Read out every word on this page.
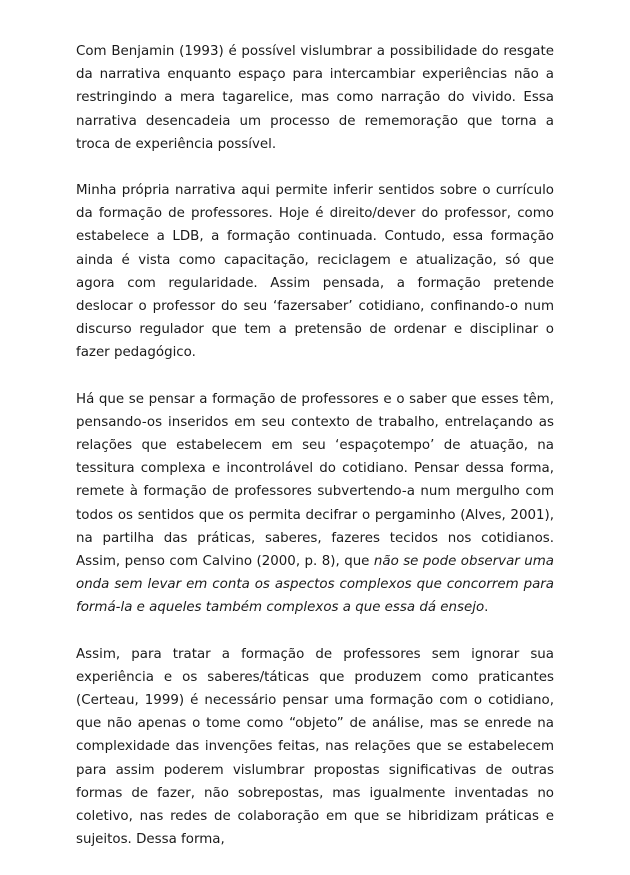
Com Benjamin (1993) é possível vislumbrar a possibilidade do resgate da narrativa enquanto espaço para intercambiar experiências não a restringindo a mera tagarelice, mas como narração do vivido. Essa narrativa desencadeia um processo de rememoração que torna a troca de experiência possível.

Minha própria narrativa aqui permite inferir sentidos sobre o currículo da formação de professores. Hoje é direito/dever do professor, como estabelece a LDB, a formação continuada. Contudo, essa formação ainda é vista como capacitação, reciclagem e atualização, só que agora com regularidade. Assim pensada, a formação pretende deslocar o professor do seu ‘fazersaber’ cotidiano, confinando-o num discurso regulador que tem a pretensão de ordenar e disciplinar o fazer pedagógico.

Há que se pensar a formação de professores e o saber que esses têm, pensando-os inseridos em seu contexto de trabalho, entrelaçando as relações que estabelecem em seu ‘espaçotempo’ de atuação, na tessitura complexa e incontrolável do cotidiano. Pensar dessa forma, remete à formação de professores subvertendo-a num mergulho com todos os sentidos que os permita decifrar o pergaminho (Alves, 2001), na partilha das práticas, saberes, fazeres tecidos nos cotidianos. Assim, penso com Calvino (2000, p. 8), que não se pode observar uma onda sem levar em conta os aspectos complexos que concorrem para formá-la e aqueles também complexos a que essa dá ensejo.

Assim, para tratar a formação de professores sem ignorar sua experiência e os saberes/táticas que produzem como praticantes (Certeau, 1999) é necessário pensar uma formação com o cotidiano, que não apenas o tome como “objeto” de análise, mas se enrede na complexidade das invenções feitas, nas relações que se estabelecem para assim poderem vislumbrar propostas significativas de outras formas de fazer, não sobrepostas, mas igualmente inventadas no coletivo, nas redes de colaboração em que se hibridizam práticas e sujeitos. Dessa forma,
